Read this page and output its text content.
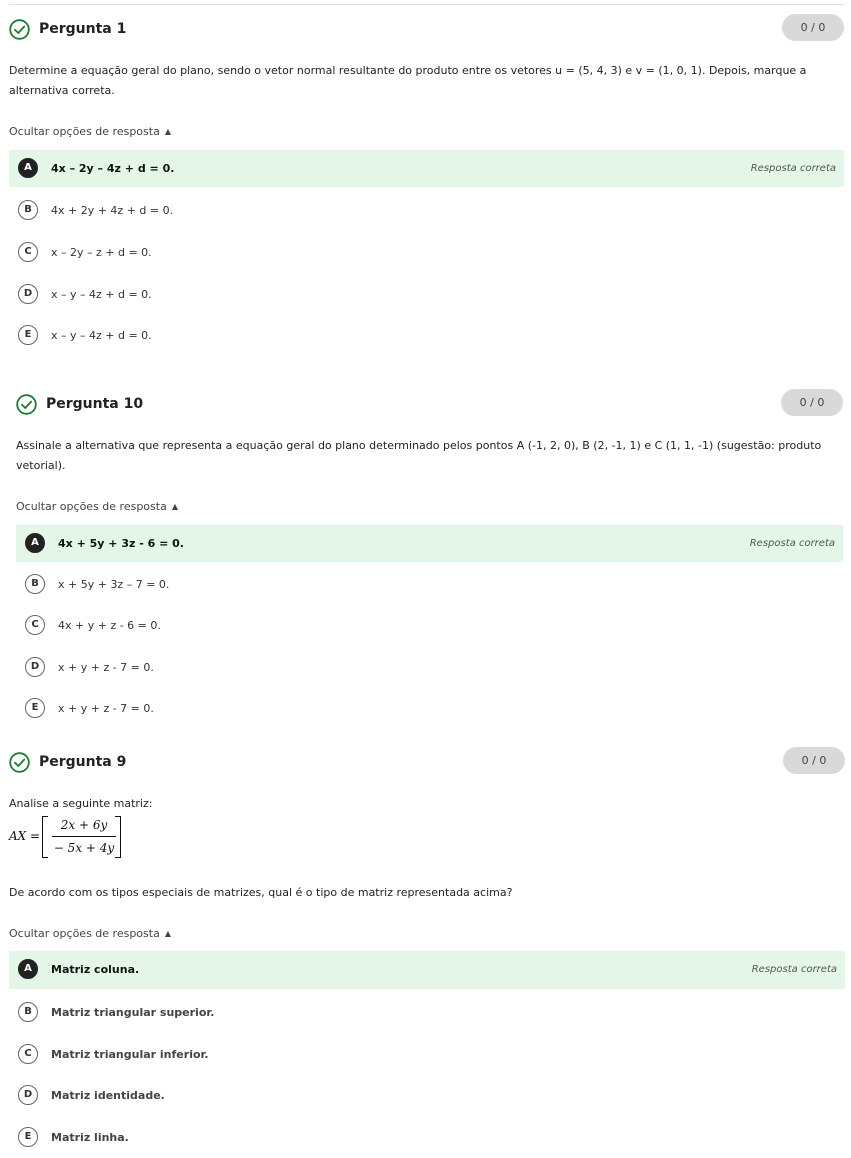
Pergunta 1	0 / 0
Determine a equação geral do plano, sendo o vetor normal resultante do produto entre os vetores u = (5, 4, 3) e v = (1, 0, 1). Depois, marque a alternativa correta.
Ocultar opções de resposta ▲
A	4x – 2y – 4z + d = 0.	Resposta correta
B	4x + 2y + 4z + d = 0.
C	x – 2y – z + d = 0.
D	x – y – 4z + d = 0.
E	x – y – 4z + d = 0.
Pergunta 10	0 / 0
Assinale a alternativa que representa a equação geral do plano determinado pelos pontos A (-1, 2, 0), B (2, -1, 1) e C (1, 1, -1) (sugestão: produto vetorial).
Ocultar opções de resposta ▲
A	4x + 5y + 3z - 6 = 0.	Resposta correta
B	x + 5y + 3z – 7 = 0.
C	4x + y + z - 6 = 0.
D	x + y + z - 7 = 0.
E	x + y + z - 7 = 0.
Pergunta 9	0 / 0
Analise a seguinte matriz:
AX =
2x + 6y
− 5x + 4y
De acordo com os tipos especiais de matrizes, qual é o tipo de matriz representada acima?
Ocultar opções de resposta ▲
A	Matriz coluna.	Resposta correta
B	Matriz triangular superior.
C	Matriz triangular inferior.
D	Matriz identidade.
E	Matriz linha.
